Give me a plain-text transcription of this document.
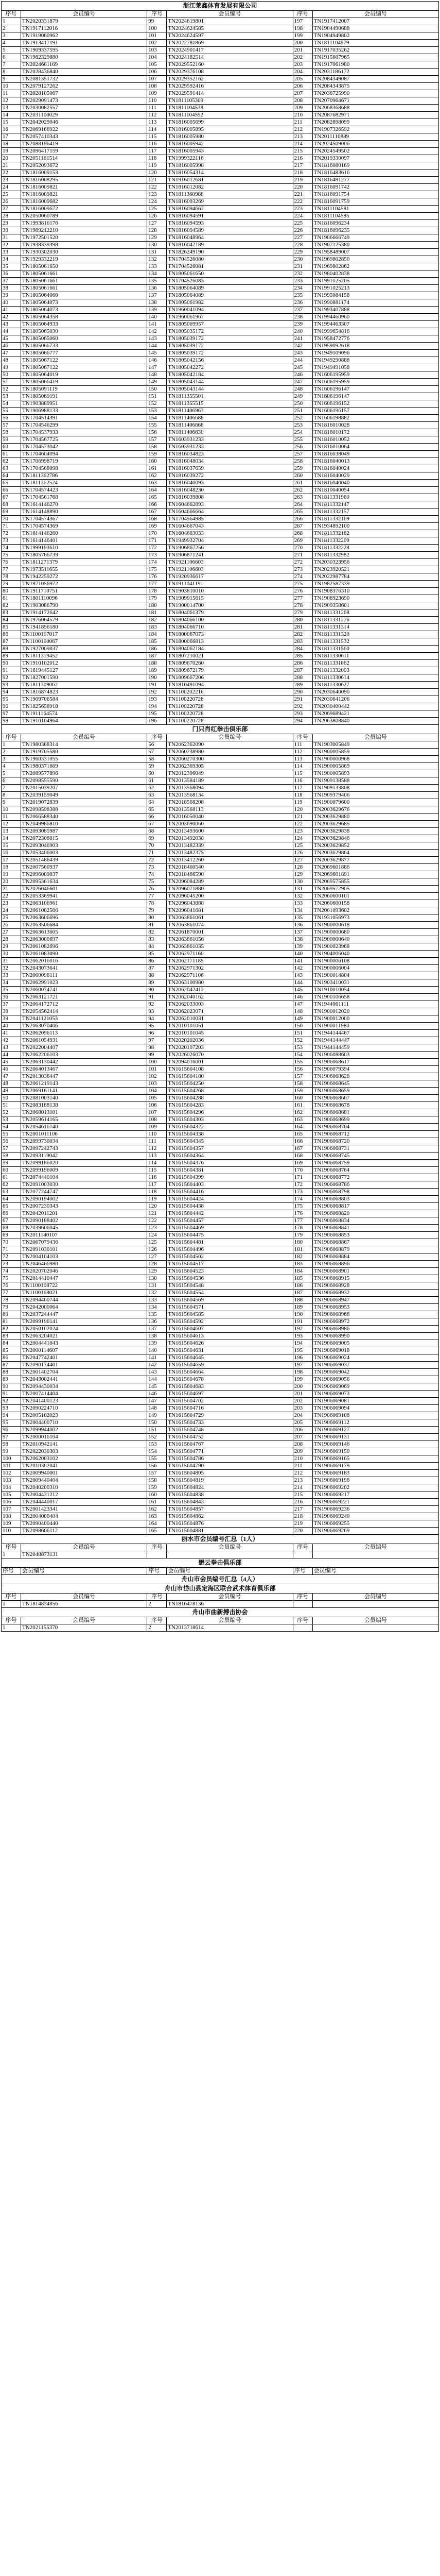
浙江莱鑫体育发展有限公司					
序号	会员编号	序号	会员编号	序号	会员编号
1	TN2020331879	99	TN2024619801	197	TN1917412007
2	TN1917112016	100	TN2024624585	198	TN1904490688
3	TN1919060962	101	TN2024624597	199	TN1904949802
4	TN1913417191	102	TN2022781869	200	TN1811104979
5	TN1909337595	103	TN2024901417	201	TN1917035262
6	TN1982329880	104	TN2024182514	202	TN1915607965
7	TN2024661169	105	TN2029552160	203	TN1917061980
8	TN2028436840	106	TN2029376108	204	TN2031186172
9	TN2081351732	107	TN2029352162	205	TN2084349087
10	TN2079127262	108	TN2029592416	206	TN2084343875
11	TN2028105067	109	TN2029591414	207	TN2036725990
12	TN2029091473	110	TN1811105309	208	TN2070964671
13	TN2030082557	111	TN1811104538	209	TN2068368688
14	TN2031100029	112	TN1811104592	210	TN2087682971
15	TN2042029046	113	TN1816005699	211	TN2082898099
16	TN2069166922	114	TN1816005895	212	TN1907326592
17	TN2057410343	115	TN1816005980	213	TN2011110889
18	TN2088196419	116	TN1816005942	214	TN2024509006
19	TN2096417159	117	TN1816005943	215	TN2024549502
20	TN2051161514	118	TN1999322116	216	TN2019330097
21	TN2052093672	119	TN1816005998	217	TN1816080169
22	TN1816009153	120	TN1816054314	218	TN1816483616
23	TN1816008295	121	TN1916012681	219	TN1816491277
24	TN1816009821	122	TN1816012082	220	TN1816091742
25	TN1816009821	123	TN1811360988	221	TN1816091754
26	TN1816009682	124	TN1816093269	222	TN1816091759
27	TN1816009672	125	TN1816094662	223	TN1811104581
28	TN2050060789	126	TN1816094591	224	TN1811104585
29	TN1993816176	127	TN1816094593	225	TN1816096234
30	TN1989212210	128	TN1816094589	226	TN1816096235
31	TN1972501520	129	TN1816048964	227	TN1906666749
32	TN1938339398	130	TN1816042189	228	TN1907125380
33	TN1930302030	131	TN1826249190	229	TN1958489007
34	TN1929332219	132	TN1704526080	230	TN1969802850
35	TN1805061650	133	TN1704526081	231	TN1969802862
36	TN1805061661	134	TN1805061650	232	TN1980402838
37	TN1805061661	135	TN1704526083	233	TN1991025205
38	TN1805061661	136	TN1805064089	234	TN1991025213
39	TN1805064060	137	TN1805064089	235	TN1995084158
40	TN1805064073	138	TN1805061982	236	TN1990881174
41	TN1805064073	139	TN1960041094	237	TN1993407888
42	TN1805064358	140	TN1960061967	238	TN1994460960
43	TN1805064933	141	TN1805069957	239	TN1994463307
44	TN1805065030	142	TN1805035172	240	TN1999654816
45	TN1805065060	143	TN1805039172	241	TN1958472776
46	TN1805066733	144	TN1805039172	242	TN1959092618
47	TN1805066777	145	TN1805039172	243	TN1949109096
48	TN1805067122	146	TN1805042156	244	TN1949290888
49	TN1805067122	147	TN1805042272	245	TN1949491058
50	TN1805064019	148	TN1805042184	246	TN1606195959
51	TN1805066419	149	TN1805043144	247	TN1606195959
52	TN1805091119	150	TN1805043144	248	TN1606196147
53	TN1805069191	151	TN1811355501	249	TN1606196147
54	TN1903889951	152	TN1811355515	250	TN1606196152
55	TN1906988133	153	TN1811406963	251	TN1606196157
56	TN1704514391	154	TN1811406688	252	TN1606198882
57	TN1704546299	155	TN1811406668	253	TN1816010028
58	TN1704537933	156	TN1811406630	254	TN1816010172
59	TN1704567725	157	TN1603931233	255	TN1816010052
60	TN1704573042	158	TN1603931233	256	TN1816010064
61	TN1704604094	159	TN1816034823	257	TN1816038049
62	TN1706998719	160	TN1816048034	258	TN1816040013
63	TN1704568098	161	TN1816037659	259	TN1816040024
64	TN1811362786	162	TN1816039272	260	TN1816040029
65	TN1811362524	163	TN1816040093	261	TN1816040040
66	TN1704574423	164	TN1816048230	262	TN1810040054
67	TN1704561768	165	TN1816039808	263	TN1811331960
68	TN1614146270	166	TN1604662893	264	TN1811332147
69	TN1614148890	167	TN1604666664	265	TN1811332157
70	TN1704574367	168	TN1704564985	266	TN1811332169
71	TN1704574369	169	TN1604667043	267	TN1934892100
72	TN1614146260	170	TN1604683033	268	TN1811332182
73	TN1614146401	171	TN1949932704	269	TN1811332209
74	TN1999193610	172	TN1906867256	270	TN1811332228
75	TN1805766739	173	TN1906871241	271	TN1811332982
76	TN1811271379	174	TN1921106603	272	TN2030323956
77	TN1973511655	175	TN1921106603	273	TN2023920521
78	TN1942259272	176	TN1920936617	274	TN2022987784
79	TN1971056972	177	TN1911041191	275	TN1982587339
80	TN1911710751	178	TN1903810010	276	TN1908376310
81	TN1801110096	179	TN1909915615	277	TN1908923690
82	TN1903086790	180	TN1900014700	278	TN1909358601
83	TN1914172642	181	TN1804061379	279	TN1811331268
84	TN1976064579	182	TN1804066100	280	TN1811331276
85	TN1941896180	183	TN1804066710	281	TN1811331314
86	TN1100107017	184	TN1800067073	282	TN1811331320
87	TN1100100067	185	TN1800066813	283	TN1811331532
88	TN1927009037	186	TN1804062184	284	TN1811331560
89	TN1811319452	187	TN1807210021	285	TN1811330611
90	TN1910102012	188	TN1809670260	286	TN1811331862
91	TN1819445127	189	TN1809672179	287	TN1811332003
92	TN1827001590	190	TN1809667206	288	TN1811330614
93	TN1811309062	191	TN1810491094	289	TN1811330627
94	TN1816874823	192	TN1100202216	290	TN2030640090
95	TN1909706584	193	TN1100220728	291	TN2030641206
96	TN1825658918	194	TN1100220728	292	TN2030400442
97	TN1911164574	195	TN1100220728	293	TN2069689421
98	TN1910104964	196	TN1100220728	294	TN2063808840
门只肖红拳击俱乐部					
序号	会员编号	序号	会员编号	序号	会员编号
1	TN1980368314	56	TN2062362090	111	TN1903005849
2	TN1919705580	57	TN2060238980	112	TN1900005859
3	TN1960331055	58	TN2060270300	113	TN1900000968
4	TN1980371669	59	TN2062369305	114	TN1900005869
5	TN2089577896	60	TN2012396049	115	TN1900005893
6	TN2098555590	61	TN2013584189	116	TN1909138588
7	TN2015039207	62	TN2013568094	117	TN1909133808
8	TN2039159049	63	TN2013568134	118	TN1909379406
9	TN2019072839	64	TN2018568208	119	TN1900079600
10	TN2098598388	65	TN2013568113	120	TN2003629676
11	TN2066588340	66	TN2016050040	121	TN2003629880
12	TN2049986810	67	TN2003690060	122	TN2003629685
13	TN2093085987	68	TN2013493600	123	TN2003629838
14	TN2072308815	69	TN2013492038	124	TN2003629846
15	TN2093046903	70	TN2013482339	125	TN2003629852
16	TN2053406003	71	TN2013482375	126	TN2003629864
17	TN2051486439	72	TN2013412260	127	TN2003629877
18	TN2007560937	73	TN2018460540	128	TN2069601886
19	TN2096009037	74	TN2018466590	129	TN2069601891
20	TN2095361634	75	TN2096084289	130	TN2069575855
21	TN2026046601	76	TN2096071880	131	TN2069572905
22	TN2053369941	77	TN2096045200	132	TN2060600101
23	TN2063106961	78	TN2096043888	133	TN2060600158
24	TN2061002506	79	TN2096041681	134	TN2061093602
25	TN2063606696	80	TN2063861061	135	TN1931056973
26	TN2063506684	81	TN2063861074	136	TN1900000618
27	TN2063613605	82	TN2061870001	137	TN1900000680
28	TN2063000697	83	TN2063861056	138	TN1900000640
29	TN2061082696	84	TN2063861035	139	TN1900023968
30	TN2061083090	85	TN2062971160	140	TN1904006040
31	TN2062016016	86	TN2062171185	141	TN1900006108
32	TN2043073641	87	TN2062971302	142	TN1900006004
33	TN2060096111	88	TN2062971106	143	TN1900014804
34	TN2062991023	89	TN2063100980	144	TN1903410031
35	TN2060074741	90	TN2062042412	145	TN1910010054
36	TN2063121721	91	TN2062040162	146	TN1900106658
37	TN2064172712	92	TN2062033003	147	TN1944061111
38	TN2054562414	93	TN2062023071	148	TN1900012020
39	TN2041121053	94	TN2062010031	149	TN1900012000
40	TN2063070406	95	TN2010101051	150	TN1900011980
41	TN2062096113	96	TN2010101045	151	TN1944144467
42	TN2061054931	97	TN2020202036	152	TN1944144447
43	TN2022004407	98	TN2020107203	153	TN1944144459
44	TN2062206103	99	TN2026026070	154	TN1906088603
45	TN2063130442	100	TN2094016001	155	TN1906068617
46	TN2064013467	101	TN1615604108	156	TN1906079394
47	TN2013036447	102	TN1615604180	157	TN1906068628
48	TN2061219143	103	TN1615604250	158	TN1906068645
49	TN2069161141	104	TN1615604268	159	TN1906068659
50	TN2081003140	105	TN1615604288	160	TN1906068667
51	TN2083188138	106	TN1615604283	161	TN1906068678
52	TN2068013101	107	TN1615604296	162	TN1906068681
53	TN2059614165	108	TN1615604303	163	TN1906068699
54	TN2054616140	109	TN1615604322	164	TN1906068704
55	TN2001011106	110	TN1615604338	165	TN1906068712
56	TN2099730034	111	TN1615604345	166	TN1906068720
57	TN2097242743	112	TN1615604357	167	TN1906068731
58	TN2093119042	113	TN1615604364	168	TN1906068745
59	TN2099186020	114	TN1615604376	169	TN1906068759
60	TN2099196009	115	TN1615604381	170	TN1906068764
61	TN2074440104	116	TN1615604399	171	TN1906068772
62	TN2091003030	117	TN1615604403	172	TN1906068786
63	TN2077244747	118	TN1615604416	173	TN1906068798
64	TN2090194002	119	TN1615604424	174	TN1906068803
65	TN2007230343	120	TN1615604438	175	TN1906068817
66	TN2042011201	121	TN1615604442	176	TN1906068820
67	TN2090188402	122	TN1615604457	177	TN1906068834
68	TN2039606045	123	TN1615604469	178	TN1906068841
69	TN2011140107	124	TN1615604475	179	TN1906068853
70	TN2067079436	125	TN1615604481	180	TN1906068867
71	TN2091030101	126	TN1615604496	181	TN1906068879
72	TN2004104103	127	TN1615604502	182	TN1906068884
73	TN2046466980	128	TN1615604517	183	TN1906068896
74	TN2020702046	129	TN1615604523	184	TN1906068901
75	TN2014410447	130	TN1615604536	185	TN1906068915
76	TN1100108722	131	TN1615604548	186	TN1906068928
77	TN1100168021	132	TN1615604554	187	TN1906068932
78	TN2094400744	133	TN1615604569	188	TN1906068947
79	TN2042000064	134	TN1615604571	189	TN1906068953
80	TN2037244447	135	TN1615604585	190	TN1906068968
81	TN2099196141	136	TN1615604592	191	TN1906068972
82	TN2050102024	137	TN1615604607	192	TN1906068986
83	TN2063204021	138	TN1615604613	193	TN1906068990
84	TN2004441043	139	TN1615604626	194	TN1906069005
85	TN2000114607	140	TN1615604631	195	TN1906069018
86	TN2047742401	141	TN1615604645	196	TN1906069024
87	TN2090174401	142	TN1615604659	197	TN1906069037
88	TN2001402704	143	TN1615604664	198	TN1906069042
89	TN2043002441	144	TN1615604678	199	TN1906069056
90	TN2094430034	145	TN1615604683	200	TN1906069069
91	TN2007414404	146	TN1615604697	201	TN1906069073
92	TN2041400123	147	TN1615604702	202	TN1906069081
93	TN2090224710	148	TN1615604716	203	TN1906069094
94	TN2005102023	149	TN1615604729	204	TN1906069108
95	TN2004400710	150	TN1615604733	205	TN1906069112
96	TN2099944002	151	TN1615604748	206	TN1906069127
97	TN2000016104	152	TN1615604752	207	TN1906069131
98	TN2010942141	153	TN1615604767	208	TN1906069146
99	TN2022030303	154	TN1615604771	209	TN1906069150
100	TN2062003102	155	TN1615604786	210	TN1906069165
101	TN2010302041	156	TN1615604790	211	TN1906069179
102	TN2009940001	157	TN1615604805	212	TN1906069183
103	TN2009440404	158	TN1615604819	213	TN1906069198
104	TN2040200310	159	TN1615604824	214	TN1906069202
105	TN2004431212	160	TN1615604838	215	TN1906069217
106	TN2044440017	161	TN1615604843	216	TN1906069221
107	TN2001423341	162	TN1615604857	217	TN1906069236
108	TN2004000404	163	TN1615604862	218	TN1906069240
109	TN2090400440	164	TN1615604876	219	TN1906069255
110	TN2098606112	165	TN1615604881	220	TN1906069269
丽水市会员编号汇总（1人）					
序号	会员编号	序号	会员编号	序号	会员编号
1	TN2048873131				
懋云拳击俱乐部					
序号	会员编号	序号	会员编号	序号	会员编号
舟山市会员编号汇总（4人）					
舟山市岱山县定海区联合武术体育俱乐部					
序号	会员编号	序号	会员编号	序号	会员编号
1	TN1814834856	2	TN1816478136		
舟山市曲新搏击协会					
序号	会员编号	序号	会员编号	序号	会员编号
1	TN2021155370	2	TN2013718614		
